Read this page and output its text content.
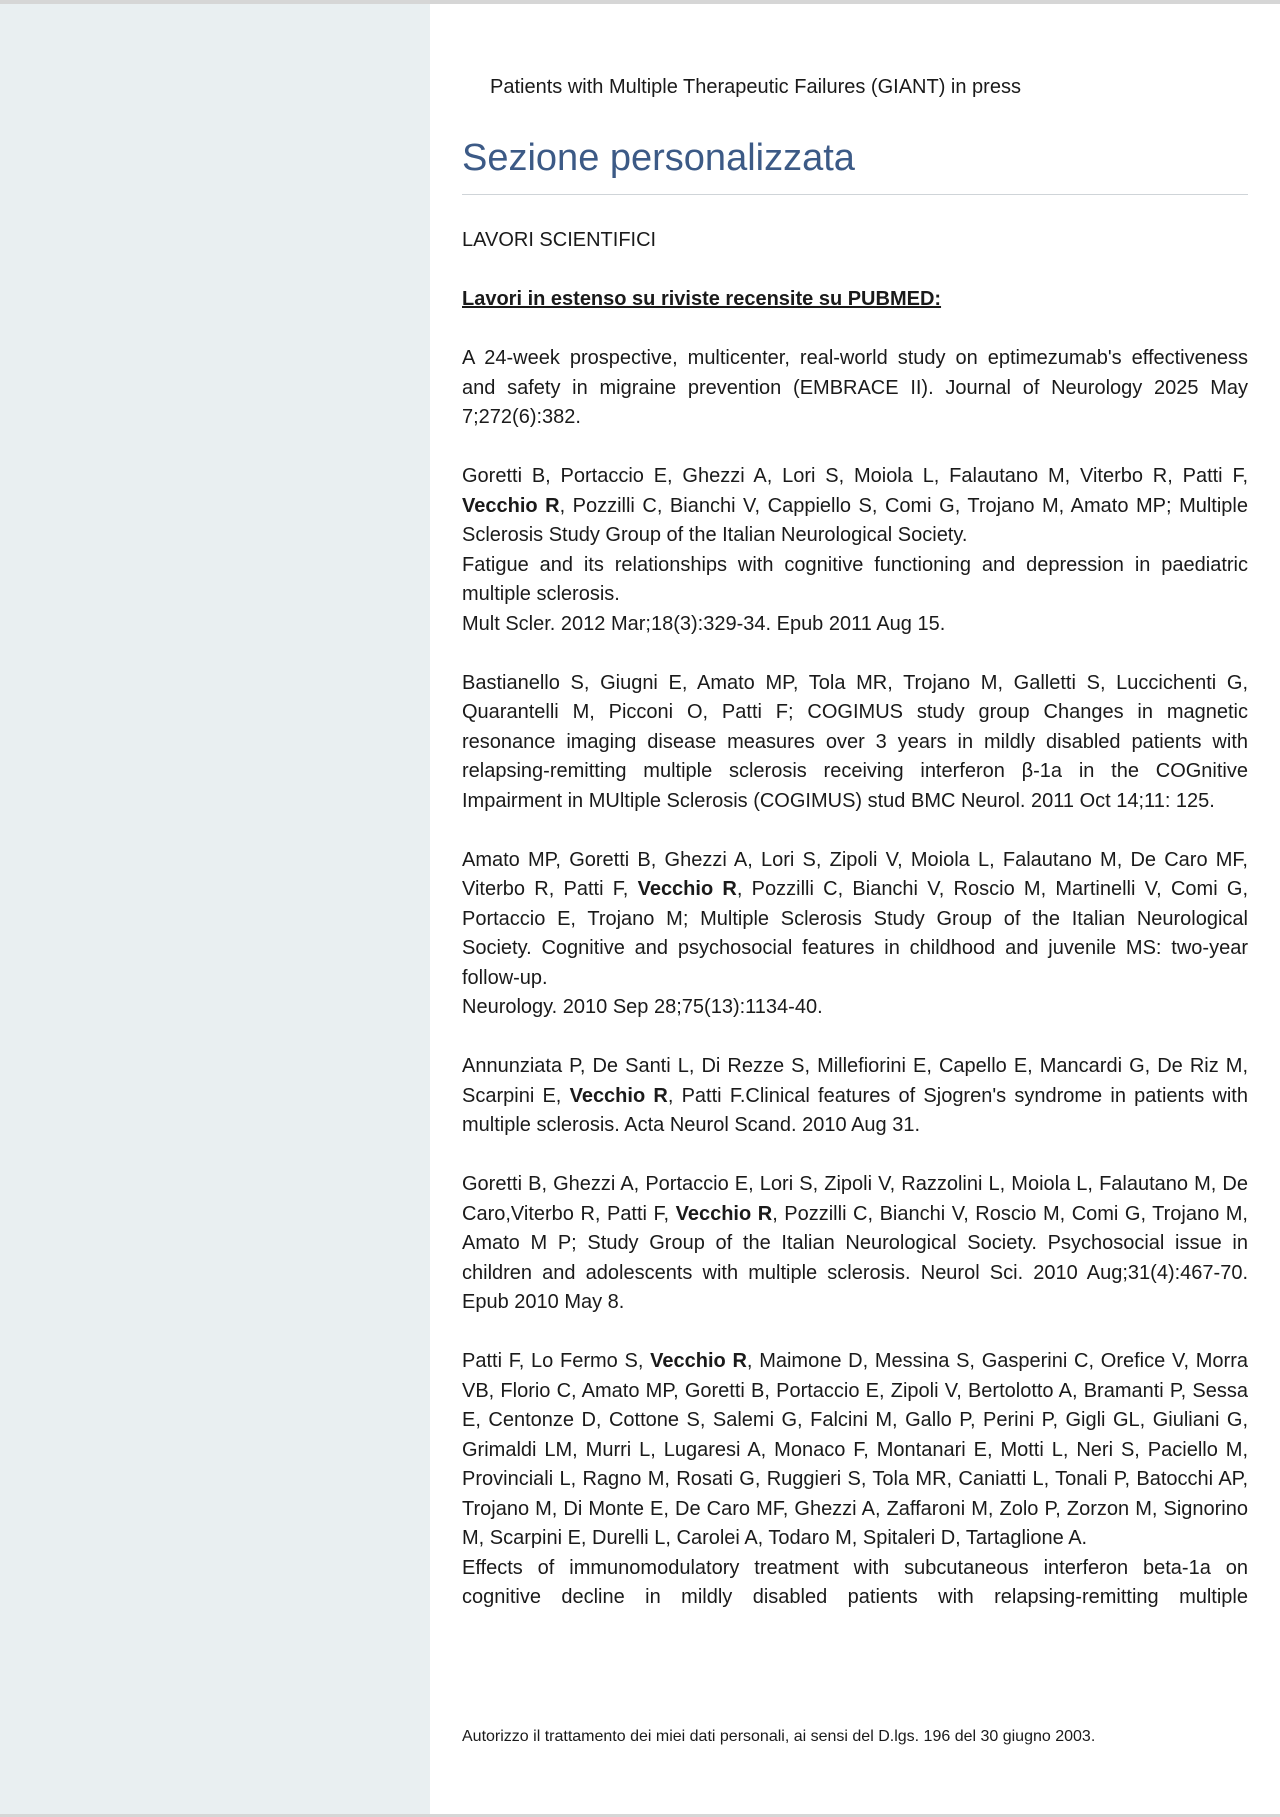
Patients with Multiple Therapeutic Failures (GIANT) in press

Sezione personalizzata

LAVORI SCIENTIFICI

Lavori in estenso su riviste recensite su PUBMED:

A 24-week prospective, multicenter, real-world study on eptimezumab's effectiveness and safety in migraine prevention (EMBRACE II). Journal of Neurology 2025 May 7;272(6):382.

Goretti B, Portaccio E, Ghezzi A, Lori S, Moiola L, Falautano M, Viterbo R, Patti F, Vecchio R, Pozzilli C, Bianchi V, Cappiello S, Comi G, Trojano M, Amato MP; Multiple Sclerosis Study Group of the Italian Neurological Society.

Fatigue and its relationships with cognitive functioning and depression in paediatric multiple sclerosis.

Mult Scler. 2012 Mar;18(3):329-34. Epub 2011 Aug 15.

Bastianello S, Giugni E, Amato MP, Tola MR, Trojano M, Galletti S, Luccichenti G, Quarantelli M, Picconi O, Patti F; COGIMUS study group Changes in magnetic resonance imaging disease measures over 3 years in mildly disabled patients with relapsing-remitting multiple sclerosis receiving interferon β-1a in the COGnitive Impairment in MUltiple Sclerosis (COGIMUS) stud BMC Neurol. 2011 Oct 14;11: 125.

Amato MP, Goretti B, Ghezzi A, Lori S, Zipoli V, Moiola L, Falautano M, De Caro MF, Viterbo R, Patti F, Vecchio R, Pozzilli C, Bianchi V, Roscio M, Martinelli V, Comi G, Portaccio E, Trojano M; Multiple Sclerosis Study Group of the Italian Neurological Society. Cognitive and psychosocial features in childhood and juvenile MS: two-year follow-up.

Neurology. 2010 Sep 28;75(13):1134-40.

Annunziata P, De Santi L, Di Rezze S, Millefiorini E, Capello E, Mancardi G, De Riz M, Scarpini E, Vecchio R, Patti F.Clinical features of Sjogren's syndrome in patients with multiple sclerosis. Acta Neurol Scand. 2010 Aug 31.

Goretti B, Ghezzi A, Portaccio E, Lori S, Zipoli V, Razzolini L, Moiola L, Falautano M, De Caro,Viterbo R, Patti F, Vecchio R, Pozzilli C, Bianchi V, Roscio M, Comi G, Trojano M, Amato M P; Study Group of the Italian Neurological Society. Psychosocial issue in children and adolescents with multiple sclerosis. Neurol Sci. 2010 Aug;31(4):467-70. Epub 2010 May 8.

Patti F, Lo Fermo S, Vecchio R, Maimone D, Messina S, Gasperini C, Orefice V, Morra VB, Florio C, Amato MP, Goretti B, Portaccio E, Zipoli V, Bertolotto A, Bramanti P, Sessa E, Centonze D, Cottone S, Salemi G, Falcini M, Gallo P, Perini P, Gigli GL, Giuliani G, Grimaldi LM, Murri L, Lugaresi A, Monaco F, Montanari E, Motti L, Neri S, Paciello M, Provinciali L, Ragno M, Rosati G, Ruggieri S, Tola MR, Caniatti L, Tonali P, Batocchi AP, Trojano M, Di Monte E, De Caro MF, Ghezzi A, Zaffaroni M, Zolo P, Zorzon M, Signorino M, Scarpini E, Durelli L, Carolei A, Todaro M, Spitaleri D, Tartaglione A.

Effects of immunomodulatory treatment with subcutaneous interferon beta-1a on cognitive decline in mildly disabled patients with relapsing-remitting multiple

Autorizzo il trattamento dei miei dati personali, ai sensi del D.lgs. 196 del 30 giugno 2003.
